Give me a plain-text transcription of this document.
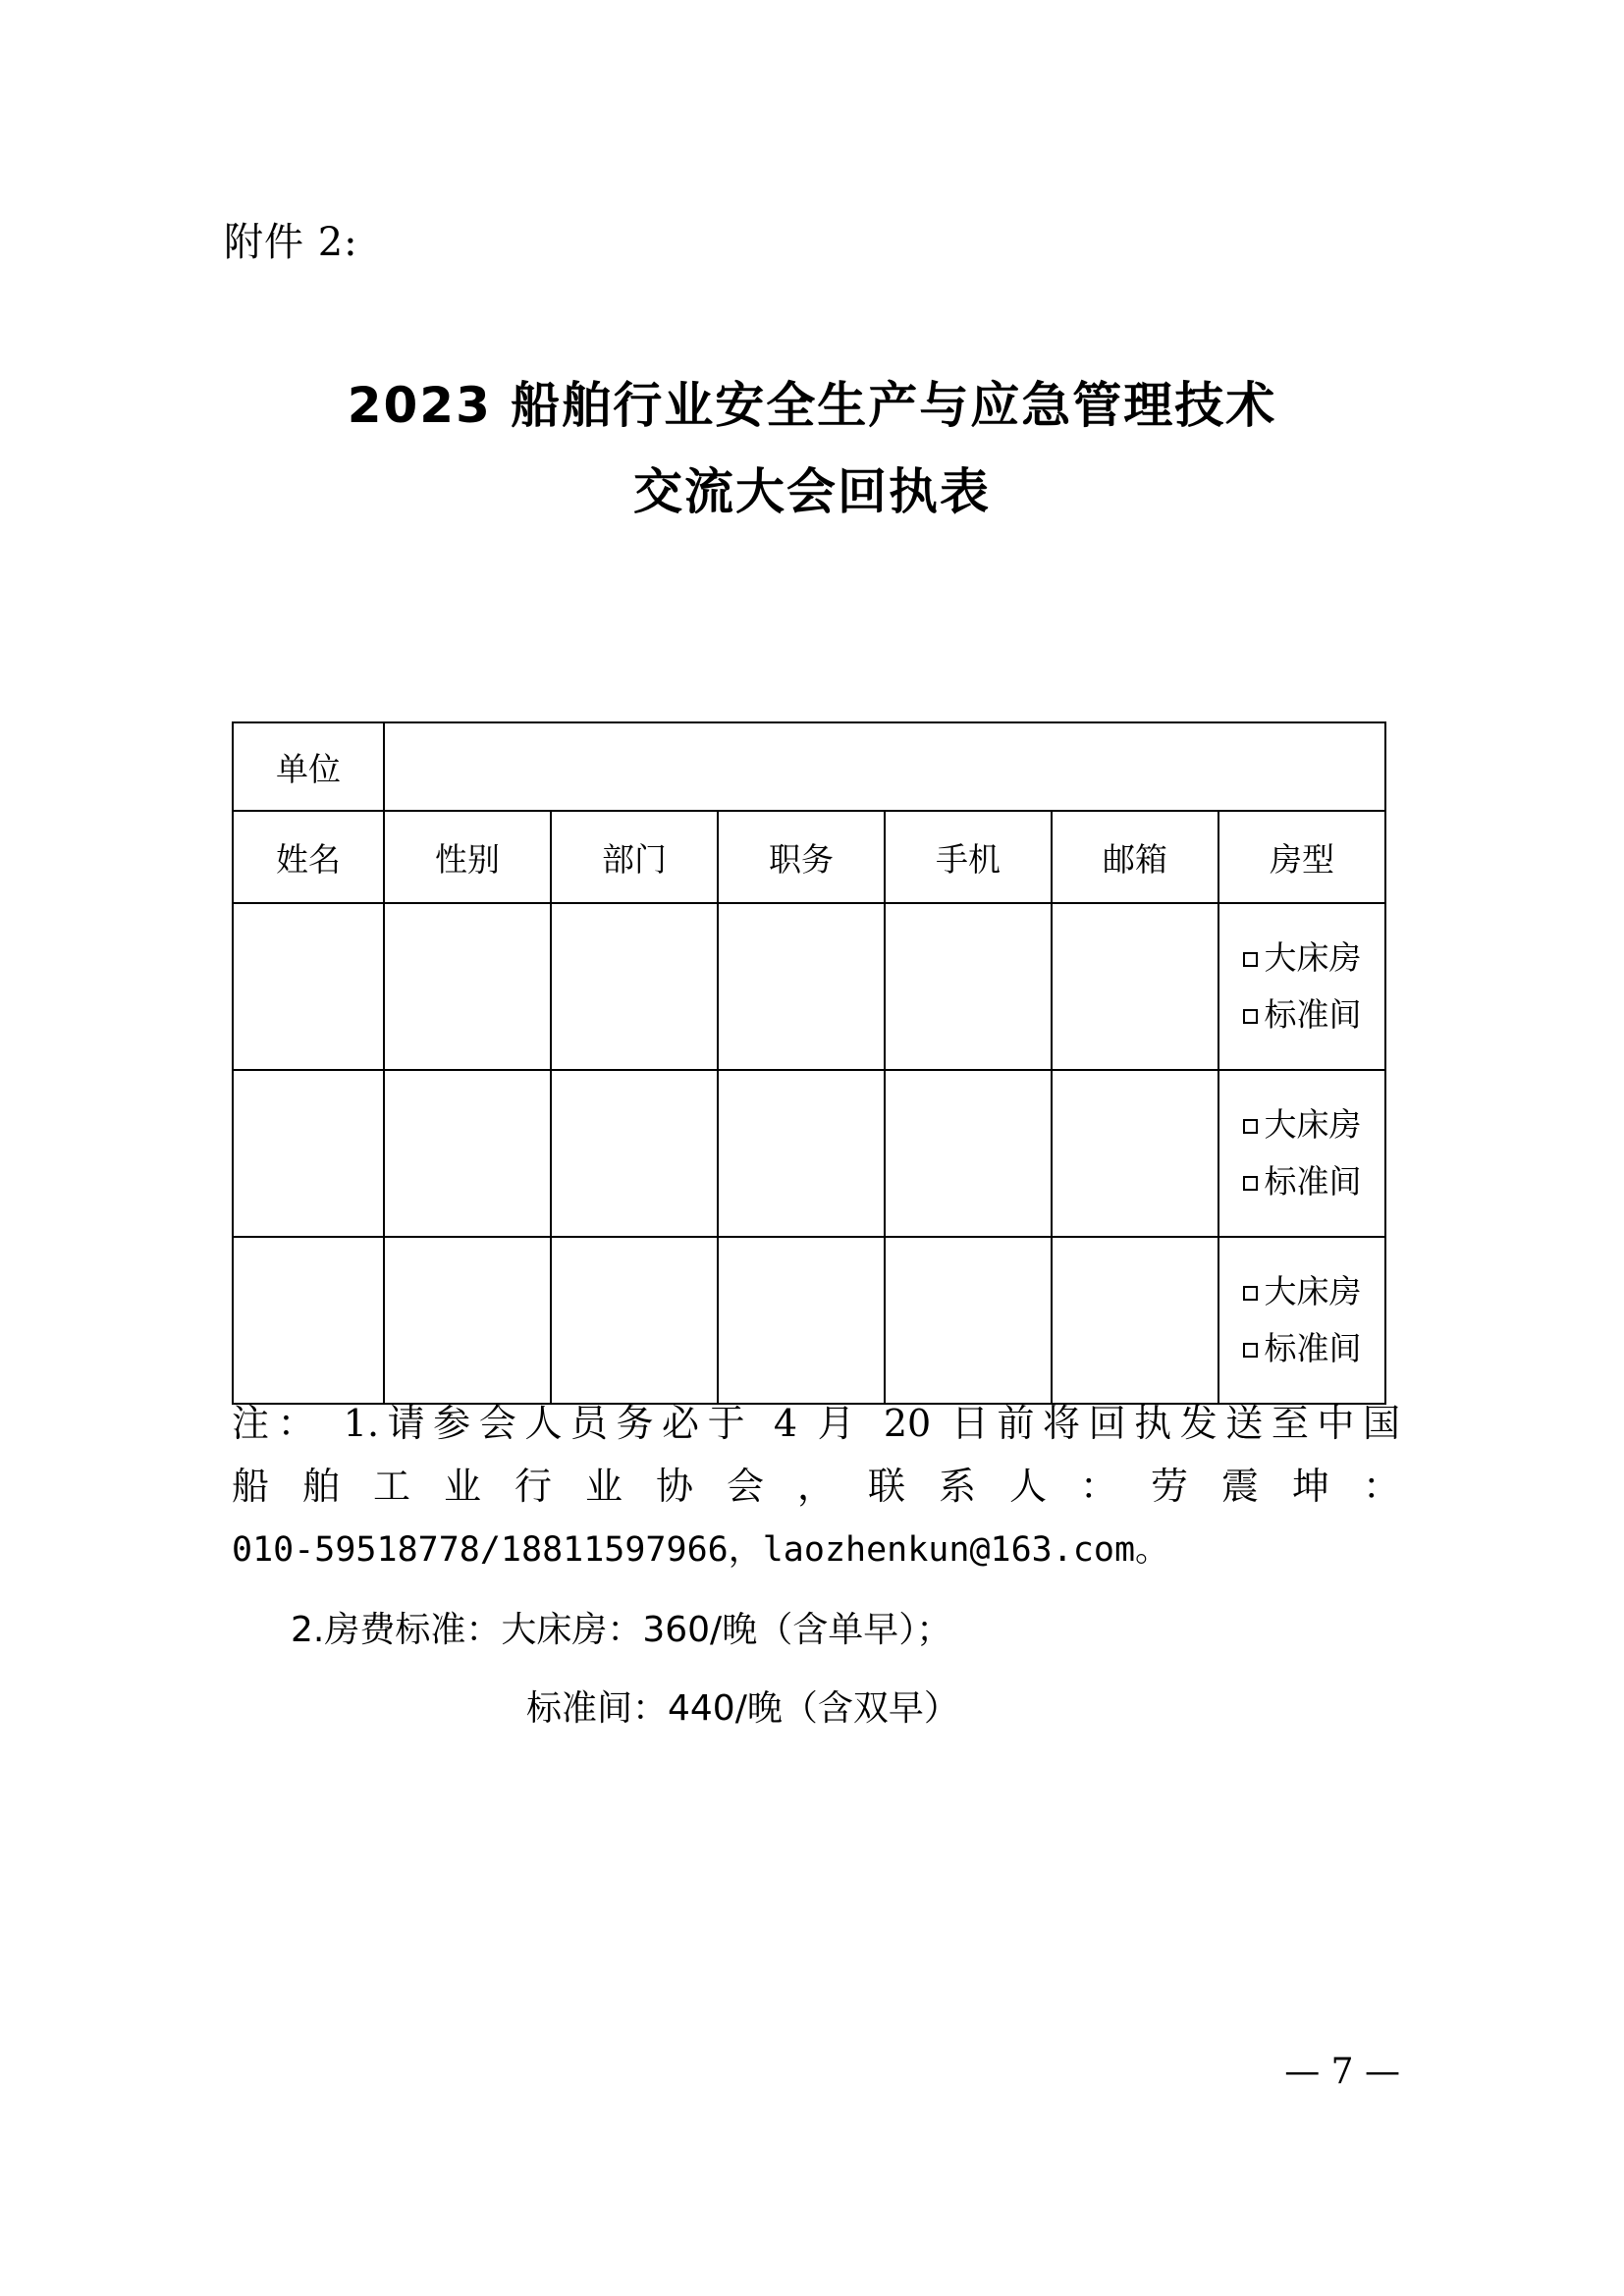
附件 2:
2023 船舶行业安全生产与应急管理技术
交流大会回执表
单位						
姓名	性别	部门	职务	手机	邮箱	房型

						大床房
标准间

						大床房
标准间

						大床房
标准间
注： 1.请参会人员务必于 4 月 20 日前将回执发送至中国
船 舶 工 业 行 业 协 会 ， 联 系 人 ： 劳 震 坤 ：
010-59518778/18811597966，laozhenkun@163.com。
2.房费标准：大床房：360/晚（含单早）；
标准间：440/晚（含双早）
— 7 —
